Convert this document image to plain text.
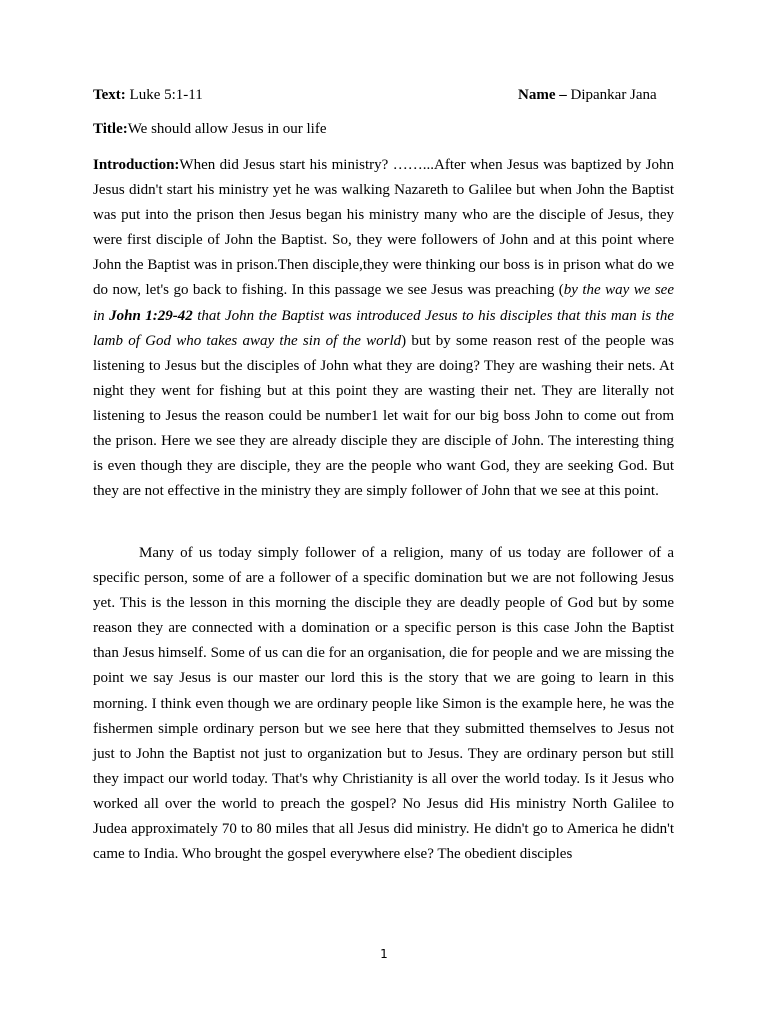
Text: Luke 5:1-11	Name – Dipankar Jana
Title:We should allow Jesus in our life
Introduction:When did Jesus start his ministry? ……...After when Jesus was baptized by John Jesus didn't start his ministry yet he was walking Nazareth to Galilee but when John the Baptist was put into the prison then Jesus began his ministry many who are the disciple of Jesus, they were first disciple of John the Baptist. So, they were followers of John and at this point where John the Baptist was in prison.Then disciple,they were thinking our boss is in prison what do we do now, let's go back to fishing. In this passage we see Jesus was preaching (by the way we see in John 1:29-42 that John the Baptist was introduced Jesus to his disciples that this man is the lamb of God who takes away the sin of the world) but by some reason rest of the people was listening to Jesus but the disciples of John what they are doing? They are washing their nets. At night they went for fishing but at this point they are wasting their net. They are literally not listening to Jesus the reason could be number1 let wait for our big boss John to come out from the prison. Here we see they are already disciple they are disciple of John. The interesting thing is even though they are disciple, they are the people who want God, they are seeking God. But they are not effective in the ministry they are simply follower of John that we see at this point.
Many of us today simply follower of a religion, many of us today are follower of a specific person, some of are a follower of a specific domination but we are not following Jesus yet. This is the lesson in this morning the disciple they are deadly people of God but by some reason they are connected with a domination or a specific person is this case John the Baptist than Jesus himself. Some of us can die for an organisation, die for people and we are missing the point we say Jesus is our master our lord this is the story that we are going to learn in this morning. I think even though we are ordinary people like Simon is the example here, he was the fishermen simple ordinary person but we see here that they submitted themselves to Jesus not just to John the Baptist not just to organization but to Jesus. They are ordinary person but still they impact our world today. That's why Christianity is all over the world today. Is it Jesus who worked all over the world to preach the gospel? No Jesus did His ministry North Galilee to Judea approximately 70 to 80 miles that all Jesus did ministry. He didn't go to America he didn't came to India. Who brought the gospel everywhere else? The obedient disciples
1
